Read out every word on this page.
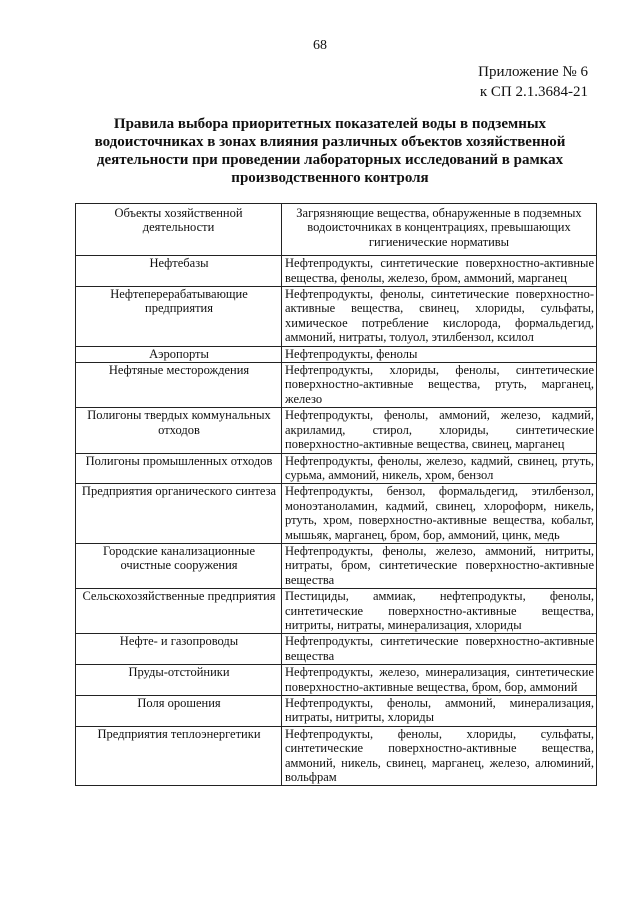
68
Приложение № 6
к СП 2.1.3684-21
Правила выбора приоритетных показателей воды в подземных водоисточниках в зонах влияния различных объектов хозяйственной деятельности при проведении лабораторных исследований в рамках производственного контроля
Объекты хозяйственной деятельности	Загрязняющие вещества, обнаруженные в подземных водоисточниках в концентрациях, превышающих гигиенические нормативы
Нефтебазы	Нефтепродукты, синтетические поверхностно-активные вещества, фенолы, железо, бром, аммоний, марганец
Нефтеперерабатывающие предприятия	Нефтепродукты, фенолы, синтетические поверхностно-активные вещества, свинец, хлориды, сульфаты, химическое потребление кислорода, формальдегид, аммоний, нитраты, толуол, этилбензол, ксилол
Аэропорты	Нефтепродукты, фенолы
Нефтяные месторождения	Нефтепродукты, хлориды, фенолы, синтетические поверхностно-активные вещества, ртуть, марганец, железо
Полигоны твердых коммунальных отходов	Нефтепродукты, фенолы, аммоний, железо, кадмий, акриламид, стирол, хлориды, синтетические поверхностно-активные вещества, свинец, марганец
Полигоны промышленных отходов	Нефтепродукты, фенолы, железо, кадмий, свинец, ртуть, сурьма, аммоний, никель, хром, бензол
Предприятия органического синтеза	Нефтепродукты, бензол, формальдегид, этилбензол, моноэтаноламин, кадмий, свинец, хлороформ, никель, ртуть, хром, поверхностно-активные вещества, кобальт, мышьяк, марганец, бром, бор, аммоний, цинк, медь
Городские канализационные очистные сооружения	Нефтепродукты, фенолы, железо, аммоний, нитриты, нитраты, бром, синтетические поверхностно-активные вещества
Сельскохозяйственные предприятия	Пестициды, аммиак, нефтепродукты, фенолы, синтетические поверхностно-активные вещества, нитриты, нитраты, минерализация, хлориды
Нефте- и газопроводы	Нефтепродукты, синтетические поверхностно-активные вещества
Пруды-отстойники	Нефтепродукты, железо, минерализация, синтетические поверхностно-активные вещества, бром, бор, аммоний
Поля орошения	Нефтепродукты, фенолы, аммоний, минерализация, нитраты, нитриты, хлориды
Предприятия теплоэнергетики	Нефтепродукты, фенолы, хлориды, сульфаты, синтетические поверхностно-активные вещества, аммоний, никель, свинец, марганец, железо, алюминий, вольфрам
